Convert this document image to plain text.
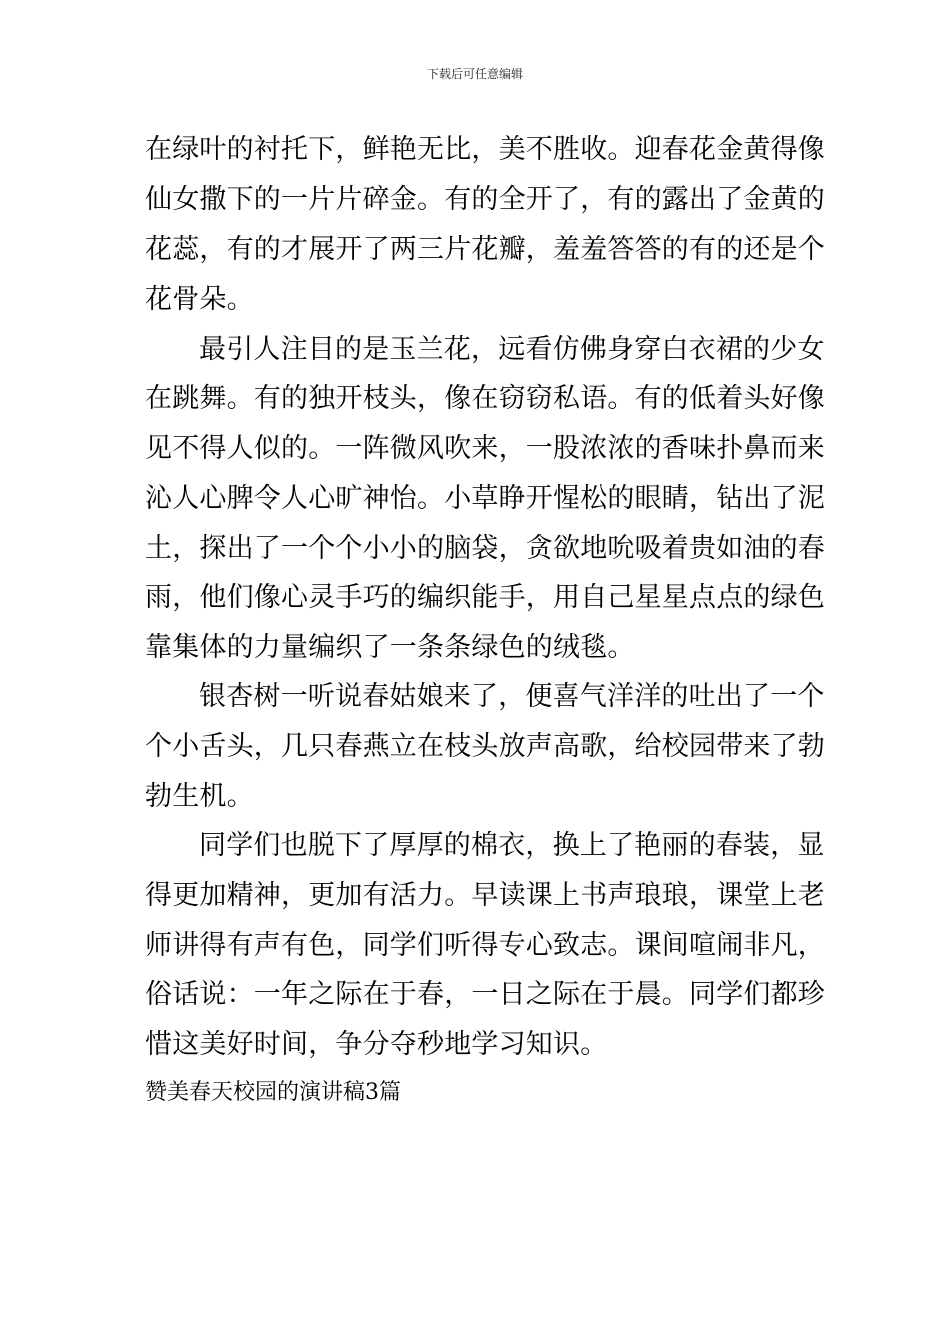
下载后可任意编辑
在绿叶的衬托下，鲜艳无比，美不胜收。迎春花金黄得像
仙女撒下的一片片碎金。有的全开了，有的露出了金黄的
花蕊，有的才展开了两三片花瓣，羞羞答答的有的还是个
花骨朵。
最引人注目的是玉兰花，远看仿佛身穿白衣裙的少女
在跳舞。有的独开枝头，像在窃窃私语。有的低着头好像
见不得人似的。一阵微风吹来，一股浓浓的香味扑鼻而来
沁人心脾令人心旷神怡。小草睁开惺松的眼睛，钻出了泥
土，探出了一个个小小的脑袋，贪欲地吮吸着贵如油的春
雨，他们像心灵手巧的编织能手，用自己星星点点的绿色
靠集体的力量编织了一条条绿色的绒毯。
银杏树一听说春姑娘来了，便喜气洋洋的吐出了一个
个小舌头，几只春燕立在枝头放声高歌，给校园带来了勃
勃生机。
同学们也脱下了厚厚的棉衣，换上了艳丽的春装，显
得更加精神，更加有活力。早读课上书声琅琅，课堂上老
师讲得有声有色，同学们听得专心致志。课间喧闹非凡，
俗话说：一年之际在于春，一日之际在于晨。同学们都珍
惜这美好时间，争分夺秒地学习知识。
赞美春天校园的演讲稿3篇
